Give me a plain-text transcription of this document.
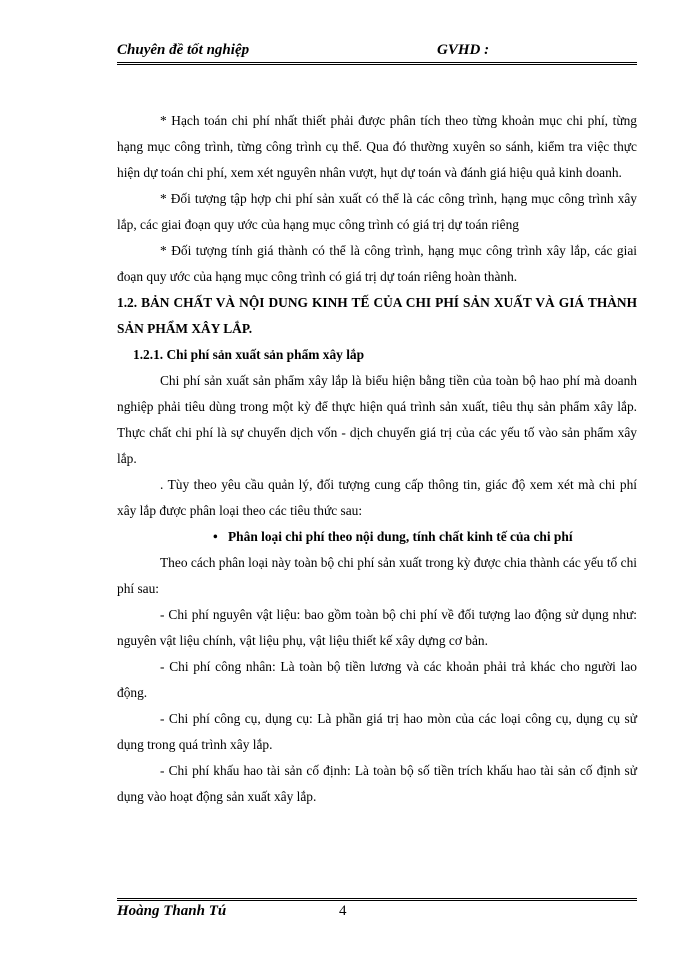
Chuyên đề tốt nghiệp	GVHD :

* Hạch toán chi phí nhất thiết phải được phân tích theo từng khoản mục chi phí, từng hạng mục công trình, từng công trình cụ thể. Qua đó thường xuyên so sánh, kiểm tra việc thực hiện dự toán chi phí, xem xét nguyên nhân vượt, hụt dự toán và đánh giá hiệu quả kinh doanh.

* Đối tượng tập hợp chi phí sản xuất có thể là các công trình, hạng mục công trình xây lắp, các giai đoạn quy ước của hạng mục công trình có giá trị dự toán riêng

* Đối tượng tính giá thành có thể là công trình, hạng mục công trình xây lắp, các giai đoạn quy ước của hạng mục công trình có giá trị dự toán riêng hoàn thành.

1.2. BẢN CHẤT VÀ NỘI DUNG KINH TẾ CỦA CHI PHÍ SẢN XUẤT VÀ GIÁ THÀNH SẢN PHẨM XÂY LẮP.

1.2.1. Chi phí sản xuất sản phẩm xây lắp

Chi phí sản xuất sản phẩm xây lắp là biểu hiện bằng tiền của toàn bộ hao phí mà doanh nghiệp phải tiêu dùng trong một kỳ để thực hiện quá trình sản xuất, tiêu thụ sản phẩm xây lắp. Thực chất chi phí là sự chuyển dịch vốn - dịch chuyển giá trị của các yếu tố vào sản phẩm xây lắp.

. Tùy theo yêu cầu quản lý, đối tượng cung cấp thông tin, giác độ xem xét mà chi phí xây lắp được phân loại theo các tiêu thức sau:

• Phân loại chi phí theo nội dung, tính chất kinh tế của chi phí

Theo cách phân loại này toàn bộ chi phí sản xuất trong kỳ được chia thành các yếu tố chi phí sau:

- Chi phí nguyên vật liệu: bao gồm toàn bộ chi phí về đối tượng lao động sử dụng như: nguyên vật liệu chính, vật liệu phụ, vật liệu thiết kế xây dựng cơ bản.

- Chi phí công nhân: Là toàn bộ tiền lương và các khoản phải trả khác cho người lao động.

- Chi phí công cụ, dụng cụ: Là phần giá trị hao mòn của các loại công cụ, dụng cụ sử dụng trong quá trình xây lắp.

- Chi phí khấu hao tài sản cố định: Là toàn bộ số tiền trích khấu hao tài sản cố định sử dụng vào hoạt động sản xuất xây lắp.

Hoàng Thanh Tú	4
